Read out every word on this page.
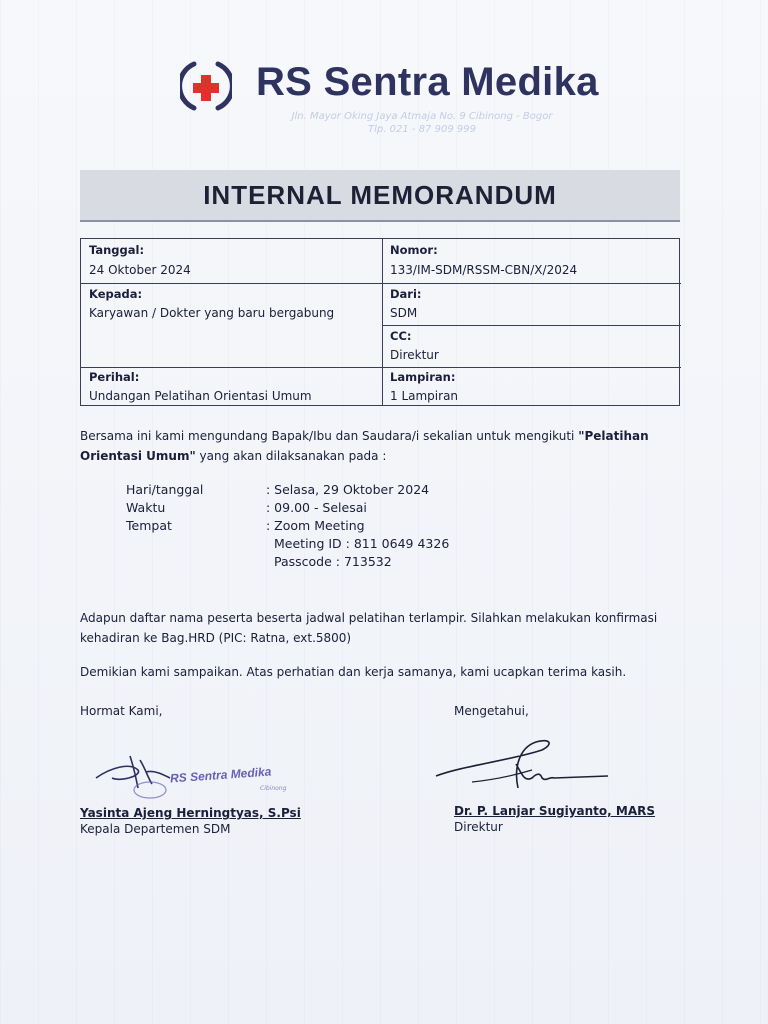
RS Sentra Medika
Jln. Mayor Oking Jaya Atmaja No. 9 Cibinong - Bogor
Tlp. 021 - 87 909 999
INTERNAL MEMORANDUM
Tanggal:
24 Oktober 2024
Nomor:
133/IM-SDM/RSSM-CBN/X/2024
Kepada:
Karyawan / Dokter yang baru bergabung
Dari:
SDM
CC:
Direktur
Perihal:
Undangan Pelatihan Orientasi Umum
Lampiran:
1 Lampiran
Bersama ini kami mengundang Bapak/Ibu dan Saudara/i sekalian untuk mengikuti "Pelatihan Orientasi Umum" yang akan dilaksanakan pada :
Hari/tanggal	: Selasa, 29 Oktober 2024
Waktu	: 09.00 - Selesai
Tempat	: Zoom Meeting
Meeting ID : 811 0649 4326
Passcode : 713532
Adapun daftar nama peserta beserta jadwal pelatihan terlampir. Silahkan melakukan konfirmasi kehadiran ke Bag.HRD (PIC: Ratna, ext.5800)
Demikian kami sampaikan. Atas perhatian dan kerja samanya, kami ucapkan terima kasih.
Hormat Kami,	Mengetahui,
RS Sentra Medika
Cibinong
Yasinta Ajeng Herningtyas, S.Psi
Kepala Departemen SDM
Dr. P. Lanjar Sugiyanto, MARS
Direktur
